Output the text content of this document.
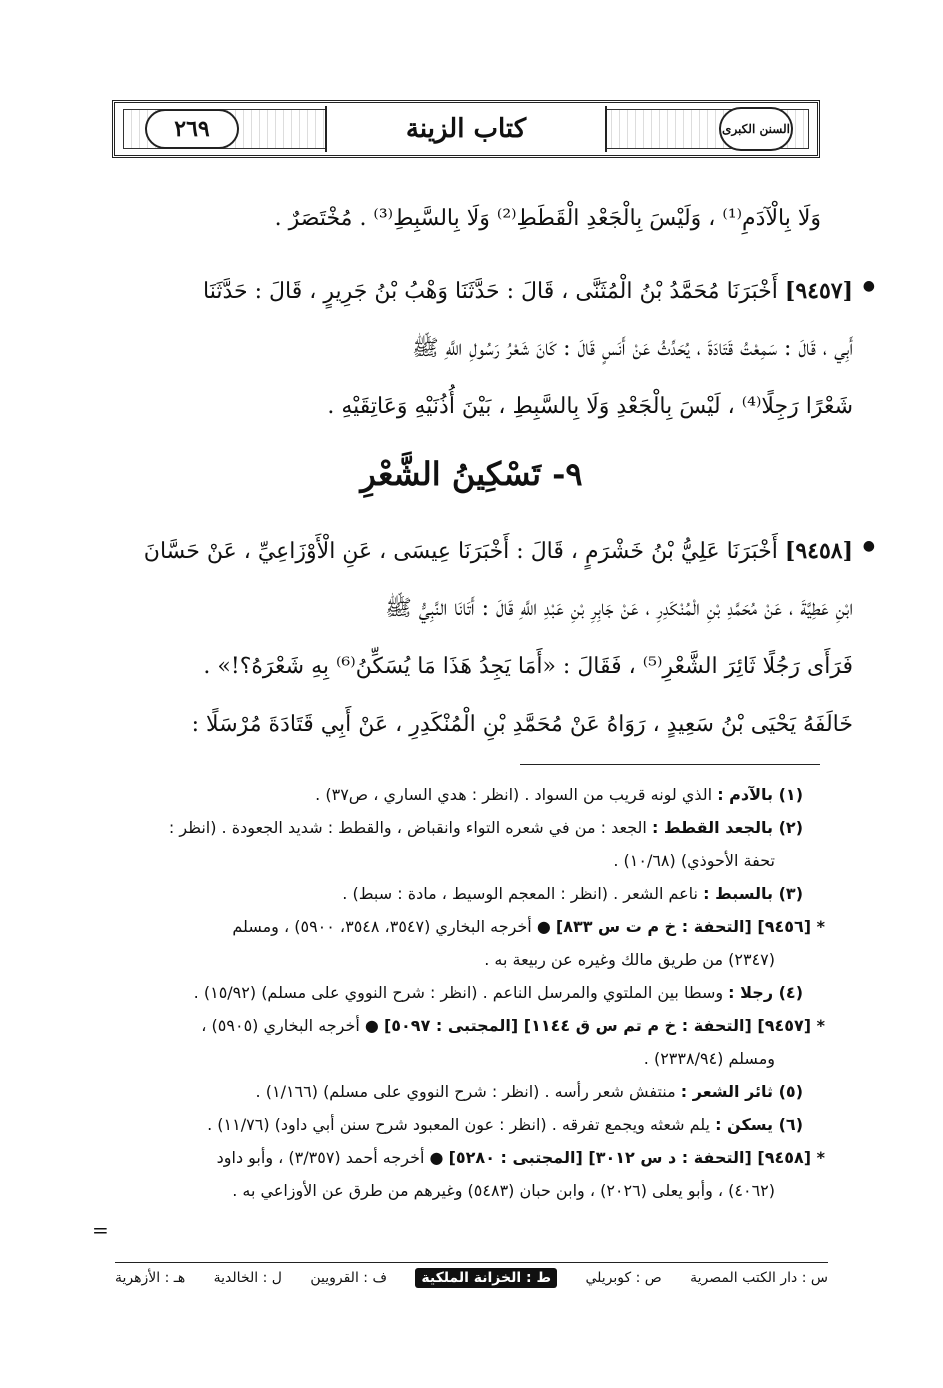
٢٦٩	كتاب الزينة	السنن الكبرى
وَلَا بِالْآدَمِ⁽¹⁾ ، وَلَيْسَ بِالْجَعْدِ الْقَطَطِ⁽²⁾ وَلَا بِالسَّبِطِ⁽³⁾ . مُخْتَصَرٌ .
●
[٩٤٥٧] أَخْبَرَنَا مُحَمَّدُ بْنُ الْمُثَنَّى ، قَالَ : حَدَّثَنَا وَهْبُ بْنُ جَرِيرٍ ، قَالَ : حَدَّثَنَا
أَبِي ، قَالَ : سَمِعْتُ قَتَادَةَ ، يُحَدِّثُ عَنْ أَنَسٍ قَالَ : كَانَ شَعْرُ رَسُولِ اللَّهِ ﷺ
شَعْرًا رَجِلًا⁽⁴⁾ ، لَيْسَ بِالْجَعْدِ وَلَا بِالسَّبِطِ ، بَيْنَ أُذُنَيْهِ وَعَاتِقَيْهِ .
٩- تَسْكِينُ الشَّعْرِ
●
[٩٤٥٨] أَخْبَرَنَا عَلِيُّ بْنُ خَشْرَمٍ ، قَالَ : أَخْبَرَنَا عِيسَى ، عَنِ الْأَوْزَاعِيِّ ، عَنْ حَسَّانَ
ابْنِ عَطِيَّةَ ، عَنْ مُحَمَّدِ بْنِ الْمُنْكَدِرِ ، عَنْ جَابِرِ بْنِ عَبْدِ اللَّهِ قَالَ : أَتَانَا النَّبِيُّ ﷺ
فَرَأَى رَجُلًا ثَائِرَ الشَّعْرِ⁽⁵⁾ ، فَقَالَ : «أَمَا يَجِدُ هَذَا مَا يُسَكِّنُ⁽⁶⁾ بِهِ شَعْرَهُ؟!» .
خَالَفَهُ يَحْيَى بْنُ سَعِيدٍ ، رَوَاهُ عَنْ مُحَمَّدِ بْنِ الْمُنْكَدِرِ ، عَنْ أَبِي قَتَادَةَ مُرْسَلًا :

(١) بالآدم : الذي لونه قريب من السواد . (انظر : هدي الساري ، ص٣٧) .

(٢) بالجعد القطط : الجعد : من في شعره التواء وانقباض ، والقطط : شديد الجعودة . (انظر :

تحفة الأحوذي) (١٠/٦٨) .

(٣) بالسبط : ناعم الشعر . (انظر : المعجم الوسيط ، مادة : سبط) .

* [٩٤٥٦] [التحفة : خ م ت س ٨٣٣] ● أخرجه البخاري (٣٥٤٧، ٣٥٤٨، ٥٩٠٠) ، ومسلم

(٢٣٤٧) من طريق مالك وغيره عن ربيعة به .

(٤) رجلا : وسطا بين الملتوي والمرسل الناعم . (انظر : شرح النووي على مسلم) (١٥/٩٢) .

* [٩٤٥٧] [التحفة : خ م تم س ق ١١٤٤] [المجتبى : ٥٠٩٧] ● أخرجه البخاري (٥٩٠٥) ،

ومسلم (٢٣٣٨/٩٤) .

(٥) ثائر الشعر : منتفش شعر رأسه . (انظر : شرح النووي على مسلم) (١/١٦٦) .

(٦) يسكن : يلم شعثه ويجمع تفرقه . (انظر : عون المعبود شرح سنن أبي داود) (١١/٧٦) .

* [٩٤٥٨] [التحفة : د س ٣٠١٢] [المجتبى : ٥٢٨٠] ● أخرجه أحمد (٣/٣٥٧) ، وأبو داود

(٤٠٦٢) ، وأبو يعلى (٢٠٢٦) ، وابن حبان (٥٤٨٣) وغيرهم من طرق عن الأوزاعي به .

=
س : دار الكتب المصرية
ص : كوبريلي
ط : الخزانة الملكية
ف : القرويين
ل : الخالدية
هـ : الأزهرية
